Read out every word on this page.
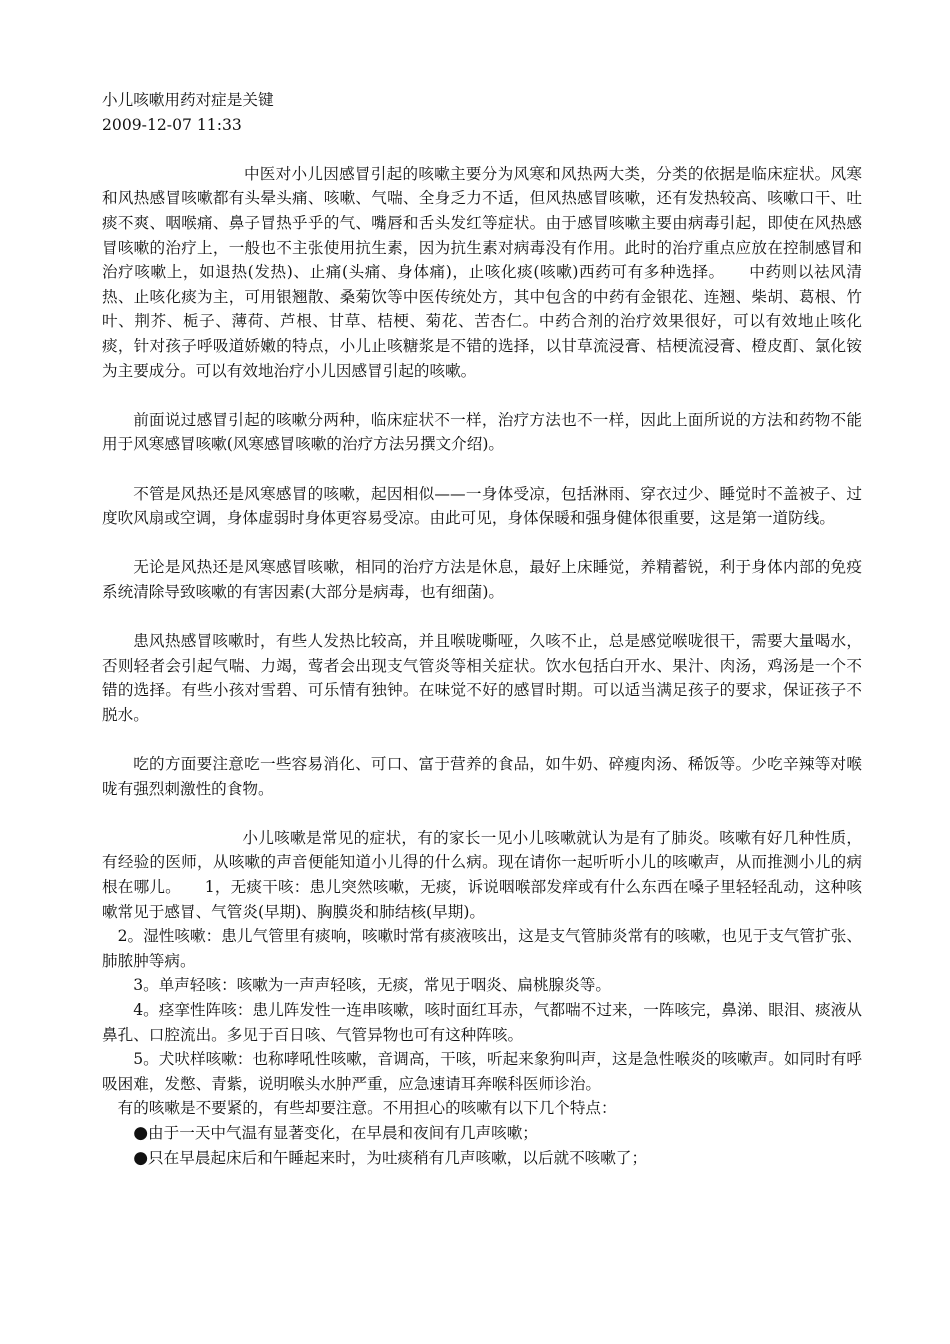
小儿咳嗽用药对症是关键
2009-12-07 11:33

中医对小儿因感冒引起的咳嗽主要分为风寒和风热两大类，分类的依据是临床症状。风寒和风热感冒咳嗽都有头晕头痛、咳嗽、气喘、全身乏力不适，但风热感冒咳嗽，还有发热较高、咳嗽口干、吐痰不爽、咽喉痛、鼻子冒热乎乎的气、嘴唇和舌头发红等症状。由于感冒咳嗽主要由病毒引起，即使在风热感冒咳嗽的治疗上，一般也不主张使用抗生素，因为抗生素对病毒没有作用。此时的治疗重点应放在控制感冒和治疗咳嗽上，如退热(发热)、止痛(头痛、身体痛)，止咳化痰(咳嗽)西药可有多种选择。　　中药则以祛风清热、止咳化痰为主，可用银翘散、桑菊饮等中医传统处方，其中包含的中药有金银花、连翘、柴胡、葛根、竹叶、荆芥、栀子、薄荷、芦根、甘草、桔梗、菊花、苦杏仁。中药合剂的治疗效果很好，可以有效地止咳化痰，针对孩子呼吸道娇嫩的特点，小儿止咳糖浆是不错的选择，以甘草流浸膏、桔梗流浸膏、橙皮酊、氯化铵为主要成分。可以有效地治疗小儿因感冒引起的咳嗽。

前面说过感冒引起的咳嗽分两种，临床症状不一样，治疗方法也不一样，因此上面所说的方法和药物不能用于风寒感冒咳嗽(风寒感冒咳嗽的治疗方法另撰文介绍)。

不管是风热还是风寒感冒的咳嗽，起因相似——一身体受凉，包括淋雨、穿衣过少、睡觉时不盖被子、过度吹风扇或空调，身体虚弱时身体更容易受凉。由此可见，身体保暖和强身健体很重要，这是第一道防线。

无论是风热还是风寒感冒咳嗽，相同的治疗方法是休息，最好上床睡觉，养精蓄锐，利于身体内部的免疫系统清除导致咳嗽的有害因素(大部分是病毒，也有细菌)。

患风热感冒咳嗽时，有些人发热比较高，并且喉咙嘶哑，久咳不止，总是感觉喉咙很干，需要大量喝水，否则轻者会引起气喘、力竭，莺者会出现支气管炎等相关症状。饮水包括白开水、果汁、肉汤，鸡汤是一个不错的选择。有些小孩对雪碧、可乐情有独钟。在味觉不好的感冒时期。可以适当满足孩子的要求，保证孩子不脱水。

吃的方面要注意吃一些容易消化、可口、富于营养的食品，如牛奶、碎瘦肉汤、稀饭等。少吃辛辣等对喉咙有强烈刺激性的食物。

小儿咳嗽是常见的症状，有的家长一见小儿咳嗽就认为是有了肺炎。咳嗽有好几种性质，有经验的医师，从咳嗽的声音便能知道小儿得的什么病。现在请你一起听听小儿的咳嗽声，从而推测小儿的病根在哪儿。　　1，无痰干咳：患儿突然咳嗽，无痰，诉说咽喉部发痒或有什么东西在嗓子里轻轻乱动，这种咳嗽常见于感冒、气管炎(早期)、胸膜炎和肺结核(早期)。

2。湿性咳嗽：患儿气管里有痰响，咳嗽时常有痰液咳出，这是支气管肺炎常有的咳嗽，也见于支气管扩张、肺脓肿等病。

3。单声轻咳：咳嗽为一声声轻咳，无痰，常见于咽炎、扁桃腺炎等。

4。痉挛性阵咳：患儿阵发性一连串咳嗽，咳时面红耳赤，气都喘不过来，一阵咳完，鼻涕、眼泪、痰液从鼻孔、口腔流出。多见于百日咳、气管异物也可有这种阵咳。

5。犬吠样咳嗽：也称哮吼性咳嗽，音调高，干咳，听起来象狗叫声，这是急性喉炎的咳嗽声。如同时有呼吸困难，发憋、青紫，说明喉头水肿严重，应急速请耳奔喉科医师诊治。

有的咳嗽是不要紧的，有些却要注意。不用担心的咳嗽有以下几个特点：

●由于一天中气温有显著变化，在早晨和夜间有几声咳嗽；

●只在早晨起床后和午睡起来时，为吐痰稍有几声咳嗽，以后就不咳嗽了；
